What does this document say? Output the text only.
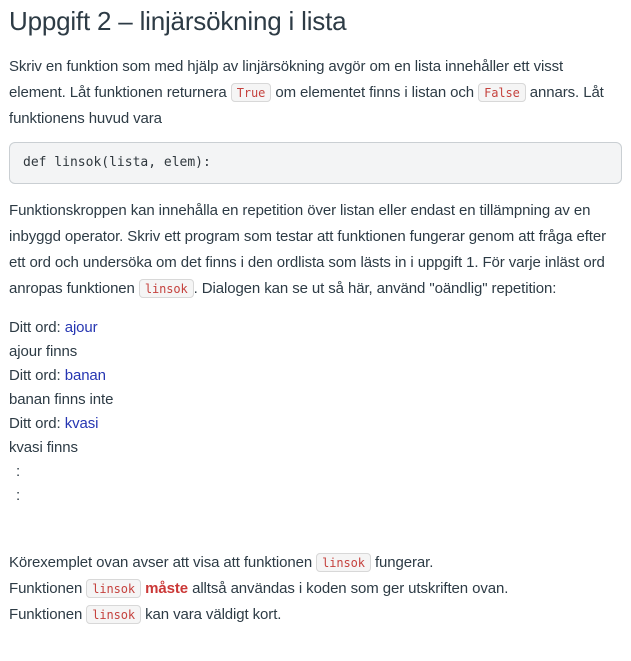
Uppgift 2 – linjärsökning i lista

Skriv en funktion som med hjälp av linjärsökning avgör om en lista innehåller ett visst element. Låt funktionen returnera True om elementet finns i listan och False annars. Låt funktionens huvud vara

def linsok(lista, elem):

Funktionskroppen kan innehålla en repetition över listan eller endast en tillämpning av en inbyggd operator. Skriv ett program som testar att funktionen fungerar genom att fråga efter ett ord och undersöka om det finns i den ordlista som lästs in i uppgift 1. För varje inläst ord anropas funktionen linsok . Dialogen kan se ut så här, använd "oändlig" repetition:

Ditt ord: ajour
ajour finns
Ditt ord: banan
banan finns inte
Ditt ord: kvasi
kvasi finns
:
:
Körexemplet ovan avser att visa att funktionen linsok fungerar.
Funktionen linsok måste alltså användas i koden som ger utskriften ovan.
Funktionen linsok kan vara väldigt kort.
